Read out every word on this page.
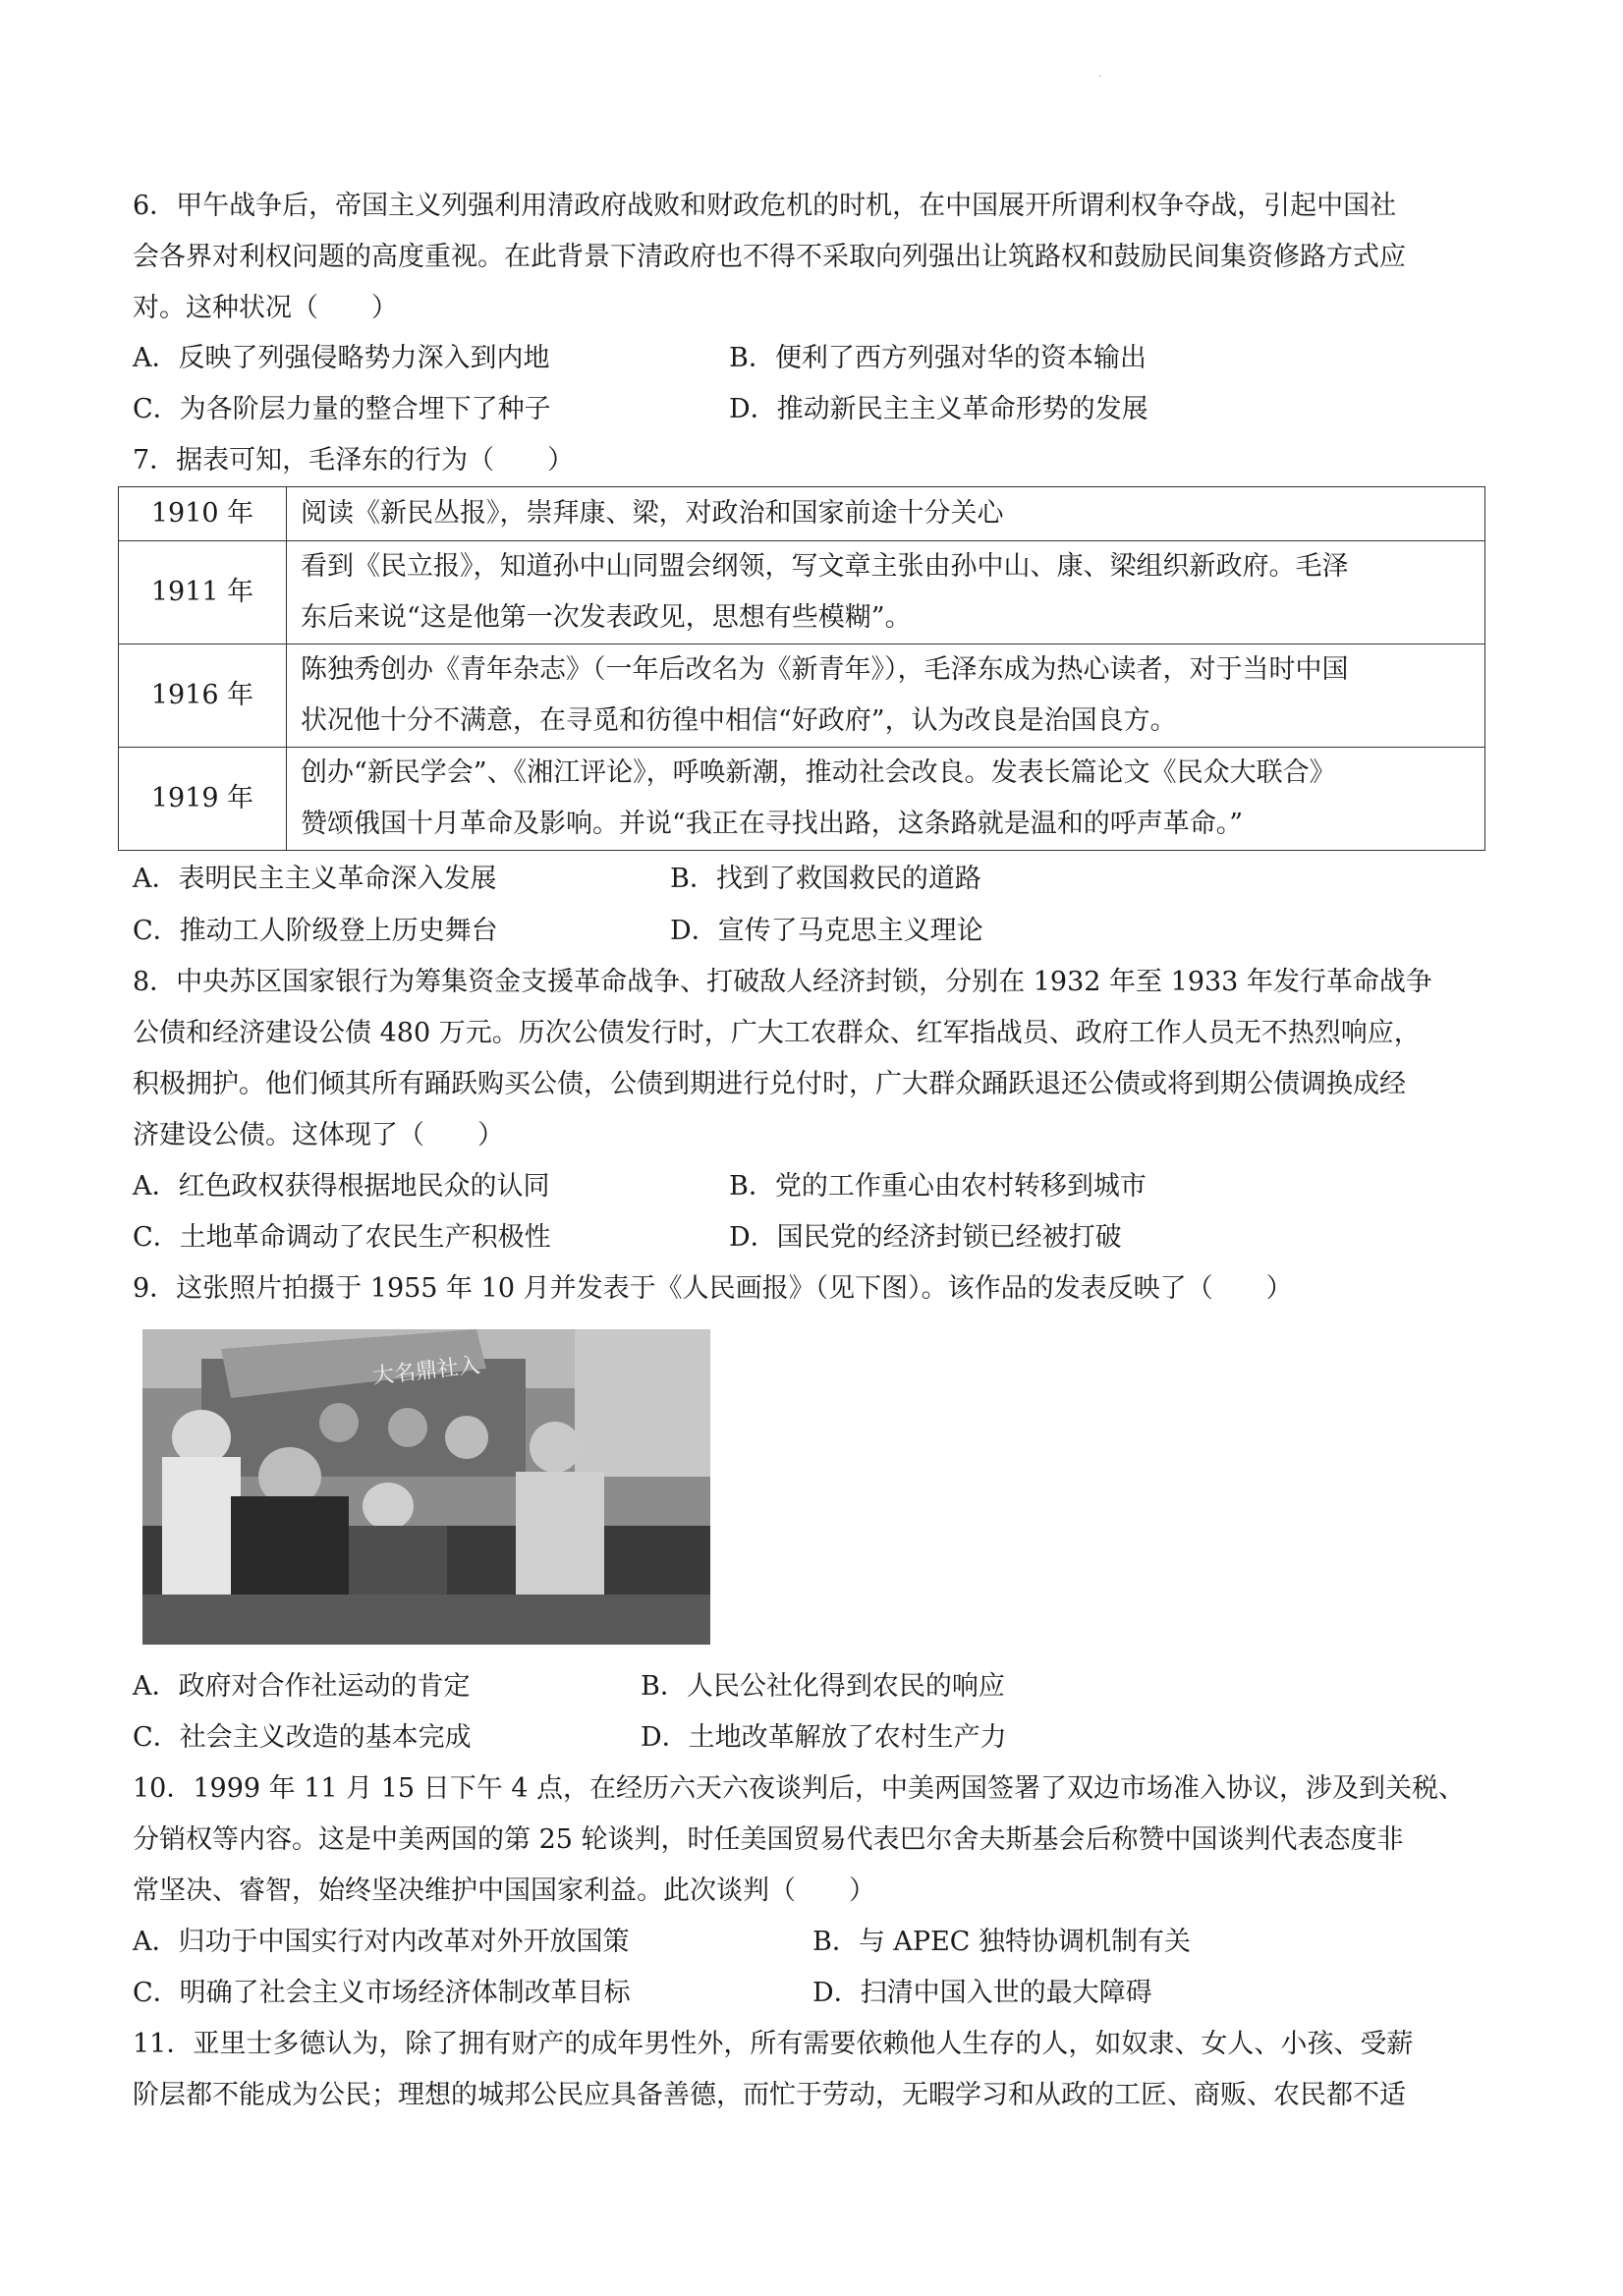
.
6．甲午战争后，帝国主义列强利用清政府战败和财政危机的时机，在中国展开所谓利权争夺战，引起中国社
会各界对利权问题的高度重视。在此背景下清政府也不得不采取向列强出让筑路权和鼓励民间集资修路方式应
对。这种状况（　　）
A．反映了列强侵略势力深入到内地	B．便利了西方列强对华的资本输出
C．为各阶层力量的整合埋下了种子	D．推动新民主主义革命形势的发展
7．据表可知，毛泽东的行为（　　）
1910 年	阅读《新民丛报》，崇拜康、梁，对政治和国家前途十分关心

1911 年	看到《民立报》，知道孙中山同盟会纲领，写文章主张由孙中山、康、梁组织新政府。毛泽
东后来说“这是他第一次发表政见，思想有些模糊”。

1916 年	陈独秀创办《青年杂志》（一年后改名为《新青年》），毛泽东成为热心读者，对于当时中国
状况他十分不满意，在寻觅和彷徨中相信“好政府”，认为改良是治国良方。

1919 年	创办“新民学会”、《湘江评论》，呼唤新潮，推动社会改良。发表长篇论文《民众大联合》
赞颂俄国十月革命及影响。并说“我正在寻找出路，这条路就是温和的呼声革命。”
A．表明民主主义革命深入发展	B．找到了救国救民的道路
C．推动工人阶级登上历史舞台	D．宣传了马克思主义理论
8．中央苏区国家银行为筹集资金支援革命战争、打破敌人经济封锁，分别在 1932 年至 1933 年发行革命战争
公债和经济建设公债 480 万元。历次公债发行时，广大工农群众、红军指战员、政府工作人员无不热烈响应，
积极拥护。他们倾其所有踊跃购买公债，公债到期进行兑付时，广大群众踊跃退还公债或将到期公债调换成经
济建设公债。这体现了（　　）
A．红色政权获得根据地民众的认同	B．党的工作重心由农村转移到城市
C．土地革命调动了农民生产积极性	D．国民党的经济封锁已经被打破
9．这张照片拍摄于 1955 年 10 月并发表于《人民画报》（见下图）。该作品的发表反映了（　　）
大名鼎社入
A．政府对合作社运动的肯定	B．人民公社化得到农民的响应
C．社会主义改造的基本完成	D．土地改革解放了农村生产力
10．1999 年 11 月 15 日下午 4 点，在经历六天六夜谈判后，中美两国签署了双边市场准入协议，涉及到关税、
分销权等内容。这是中美两国的第 25 轮谈判，时任美国贸易代表巴尔舍夫斯基会后称赞中国谈判代表态度非
常坚决、睿智，始终坚决维护中国国家利益。此次谈判（　　）
A．归功于中国实行对内改革对外开放国策	B．与 APEC 独特协调机制有关
C．明确了社会主义市场经济体制改革目标	D．扫清中国入世的最大障碍
11．亚里士多德认为，除了拥有财产的成年男性外，所有需要依赖他人生存的人，如奴隶、女人、小孩、受薪
阶层都不能成为公民；理想的城邦公民应具备善德，而忙于劳动，无暇学习和从政的工匠、商贩、农民都不适
